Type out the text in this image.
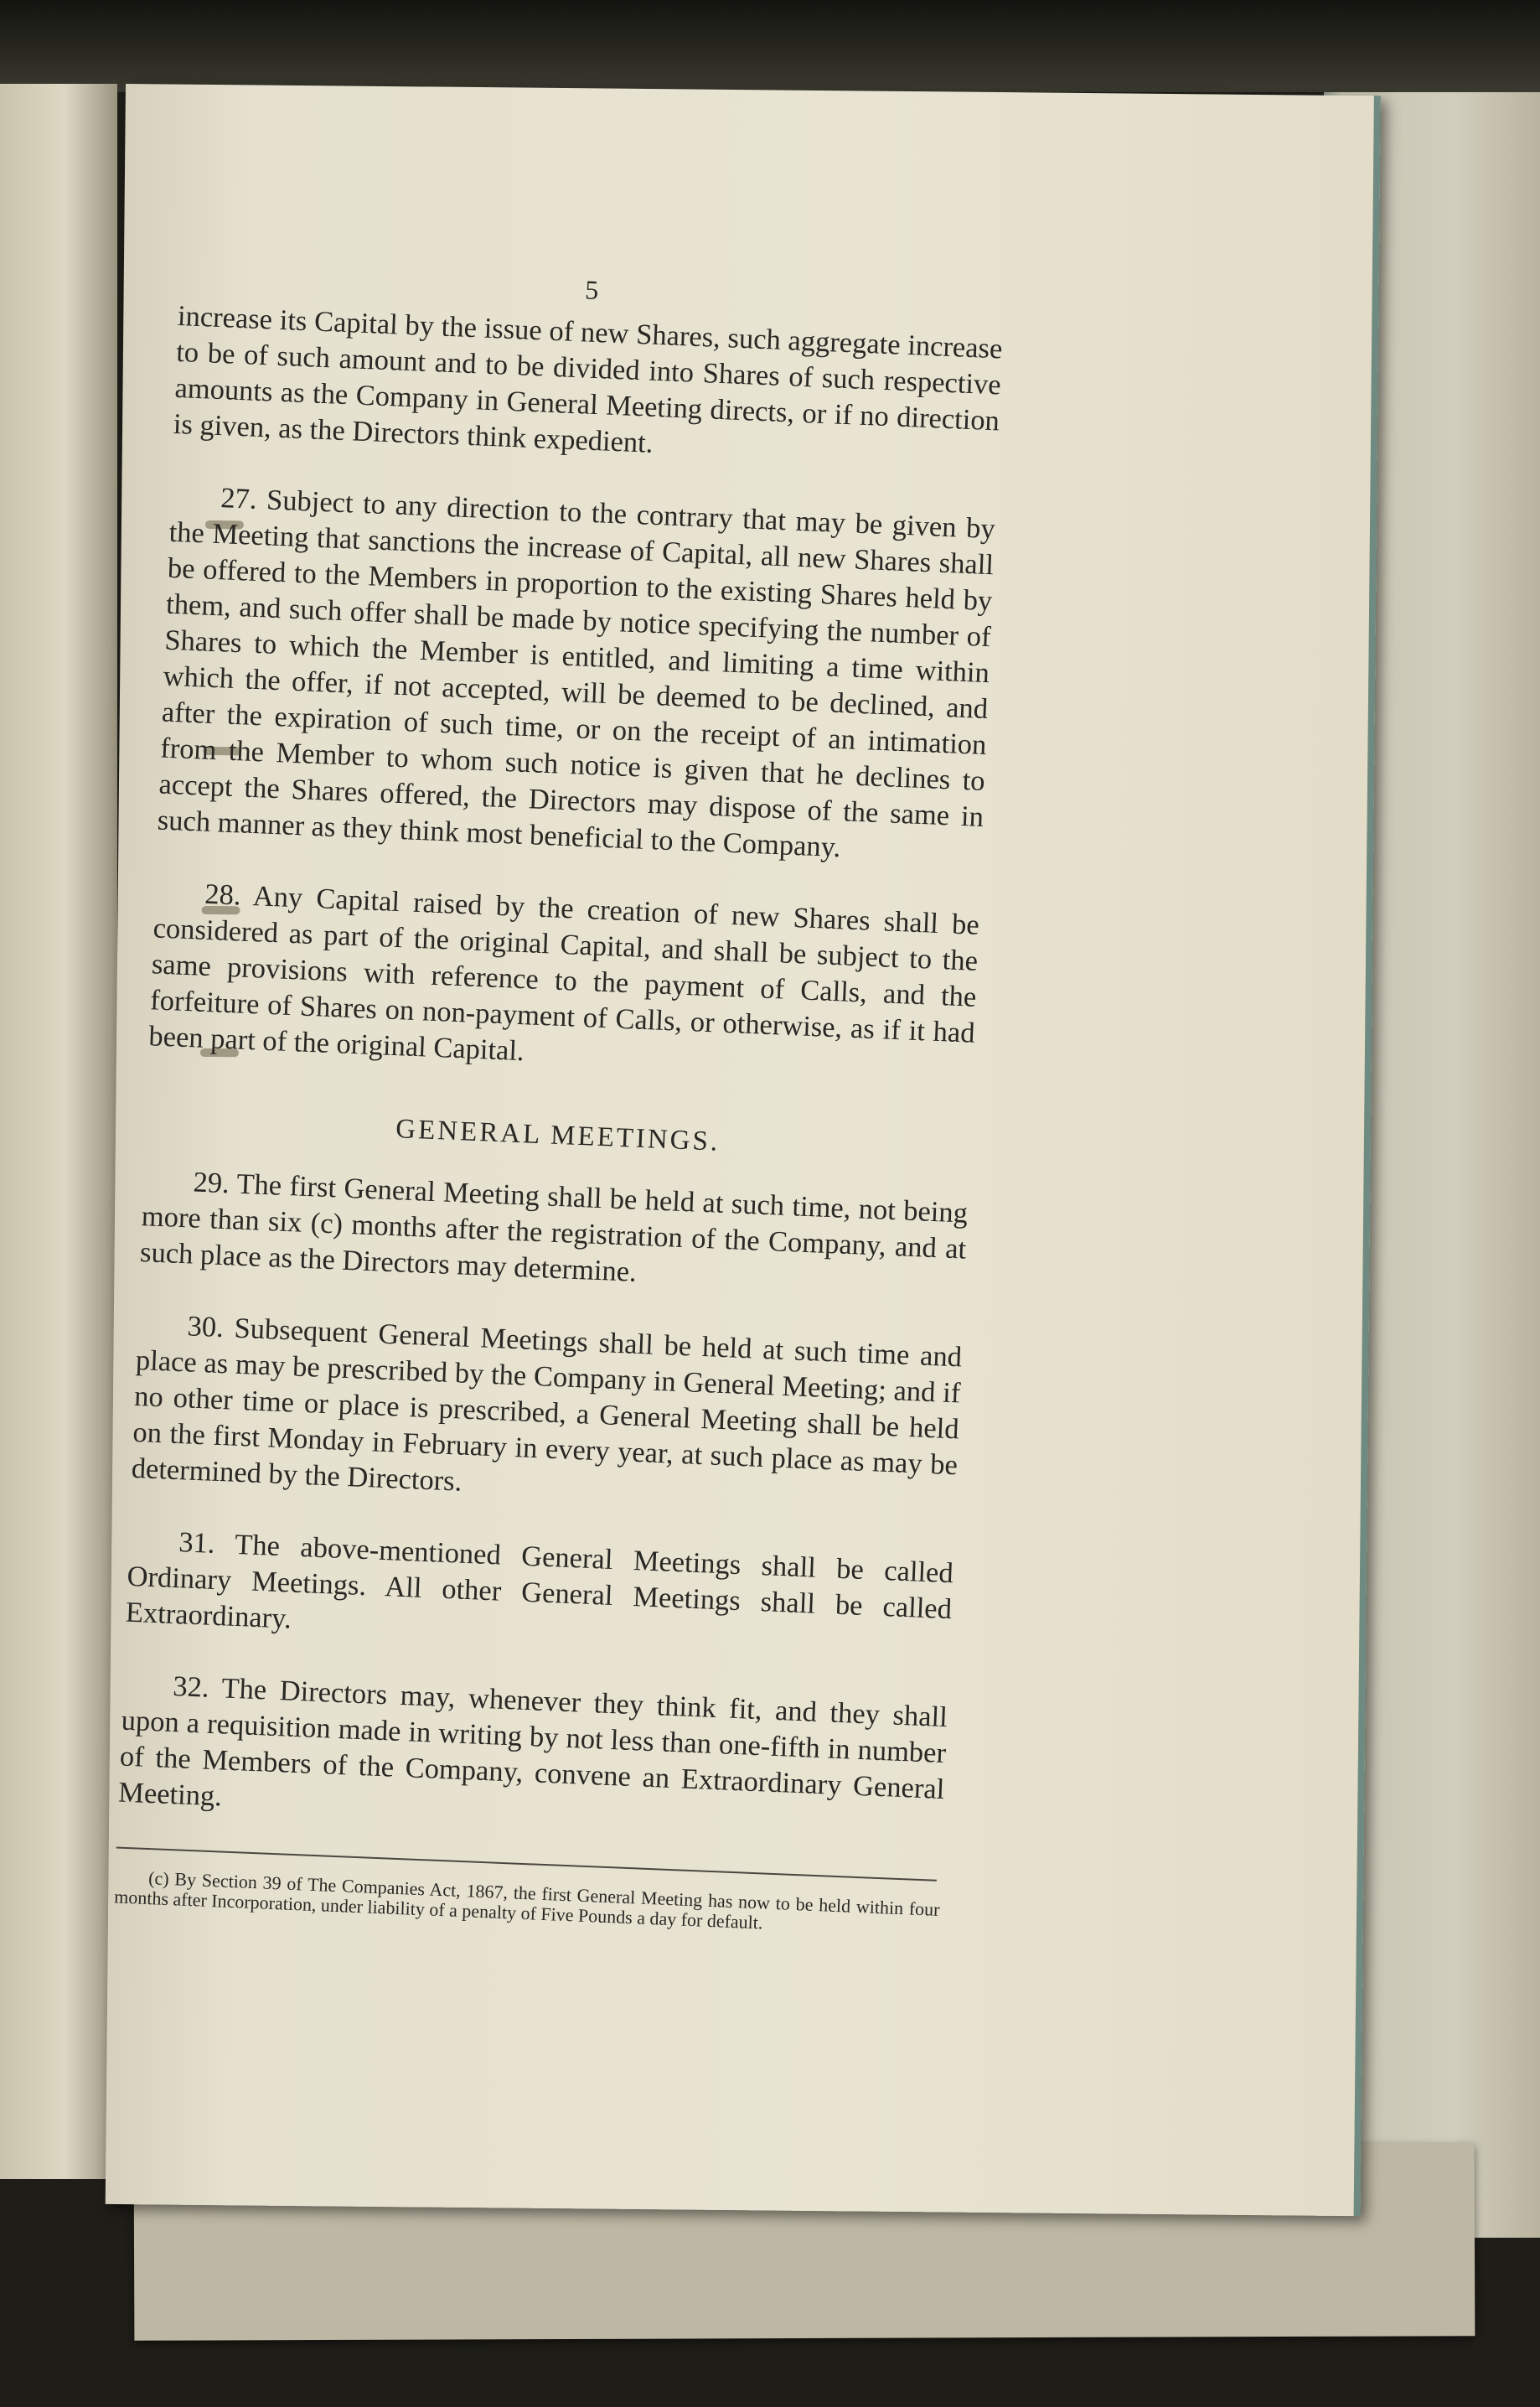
5

increase its Capital by the issue of new Shares, such aggregate increase to be of such amount and to be divided into Shares of such respective amounts as the Company in General Meeting directs, or if no direction is given, as the Directors think expedient.

27. Subject to any direction to the contrary that may be given by the Meeting that sanctions the increase of Capital, all new Shares shall be offered to the Members in proportion to the existing Shares held by them, and such offer shall be made by notice specifying the number of Shares to which the Member is entitled, and limiting a time within which the offer, if not accepted, will be deemed to be declined, and after the expiration of such time, or on the receipt of an intimation from the Member to whom such notice is given that he declines to accept the Shares offered, the Directors may dispose of the same in such manner as they think most beneficial to the Company.

28. Any Capital raised by the creation of new Shares shall be considered as part of the original Capital, and shall be subject to the same provisions with reference to the payment of Calls, and the forfeiture of Shares on non-payment of Calls, or otherwise, as if it had been part of the original Capital.

GENERAL MEETINGS.

29. The first General Meeting shall be held at such time, not being more than six (c) months after the registration of the Company, and at such place as the Directors may determine.

30. Subsequent General Meetings shall be held at such time and place as may be prescribed by the Company in General Meeting; and if no other time or place is prescribed, a General Meeting shall be held on the first Monday in February in every year, at such place as may be determined by the Directors.

31. The above-mentioned General Meetings shall be called Ordinary Meetings. All other General Meetings shall be called Extraordinary.

32. The Directors may, whenever they think fit, and they shall upon a requisition made in writing by not less than one-fifth in number of the Members of the Company, convene an Extraordinary General Meeting.

(c) By Section 39 of The Companies Act, 1867, the first General Meeting has now to be held within four months after Incorporation, under liability of a penalty of Five Pounds a day for default.
